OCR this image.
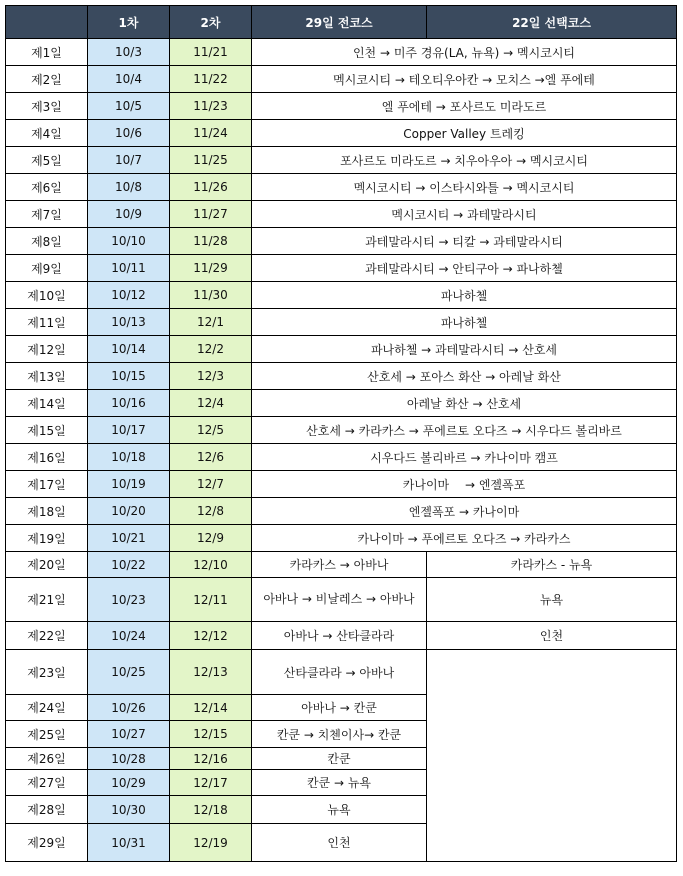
	1차	2차	29일 전코스	22일 선택코스
제1일	10/3	11/21	인천 → 미주 경유(LA, 뉴욕) → 멕시코시티	
제2일	10/4	11/22	멕시코시티 → 테오티우아칸 → 모치스 →엘 푸에테	
제3일	10/5	11/23	엘 푸에테 → 포사르도 미라도르	
제4일	10/6	11/24	Copper Valley 트레킹	
제5일	10/7	11/25	포사르도 미라도르 → 치우아우아 → 멕시코시티	
제6일	10/8	11/26	멕시코시티 → 이스타시와틀 → 멕시코시티	
제7일	10/9	11/27	멕시코시티 → 과테말라시티	
제8일	10/10	11/28	과테말라시티 → 티칼 → 과테말라시티	
제9일	10/11	11/29	과테말라시티 → 안티구아 → 파나하첼	
제10일	10/12	11/30	파나하첼	
제11일	10/13	12/1	파나하첼	
제12일	10/14	12/2	파나하첼 → 과테말라시티 → 산호세	
제13일	10/15	12/3	산호세 → 포아스 화산 → 아레날 화산	
제14일	10/16	12/4	아레날 화산 → 산호세	
제15일	10/17	12/5	산호세 → 카라카스 → 푸에르토 오다즈 → 시우다드 볼리바르	
제16일	10/18	12/6	시우다드 볼리바르 → 카나이마 캠프	
제17일	10/19	12/7	카나이마 　→ 엔젤폭포	
제18일	10/20	12/8	엔젤폭포 → 카나이마	
제19일	10/21	12/9	카나이마 → 푸에르토 오다즈 → 카라카스	
제20일	10/22	12/10	카라카스 → 아바나	카라카스 - 뉴욕
제21일	10/23	12/11	아바나 → 비날레스 → 아바나	뉴욕
제22일	10/24	12/12	아바나 → 산타클라라	인천
제23일	10/25	12/13	산타클라라 → 아바나	
제24일	10/26	12/14	아바나 → 칸쿤	
제25일	10/27	12/15	칸쿤 → 치첸이사→ 칸쿤	
제26일	10/28	12/16	칸쿤	
제27일	10/29	12/17	칸쿤 → 뉴욕	
제28일	10/30	12/18	뉴욕	
제29일	10/31	12/19	인천	
